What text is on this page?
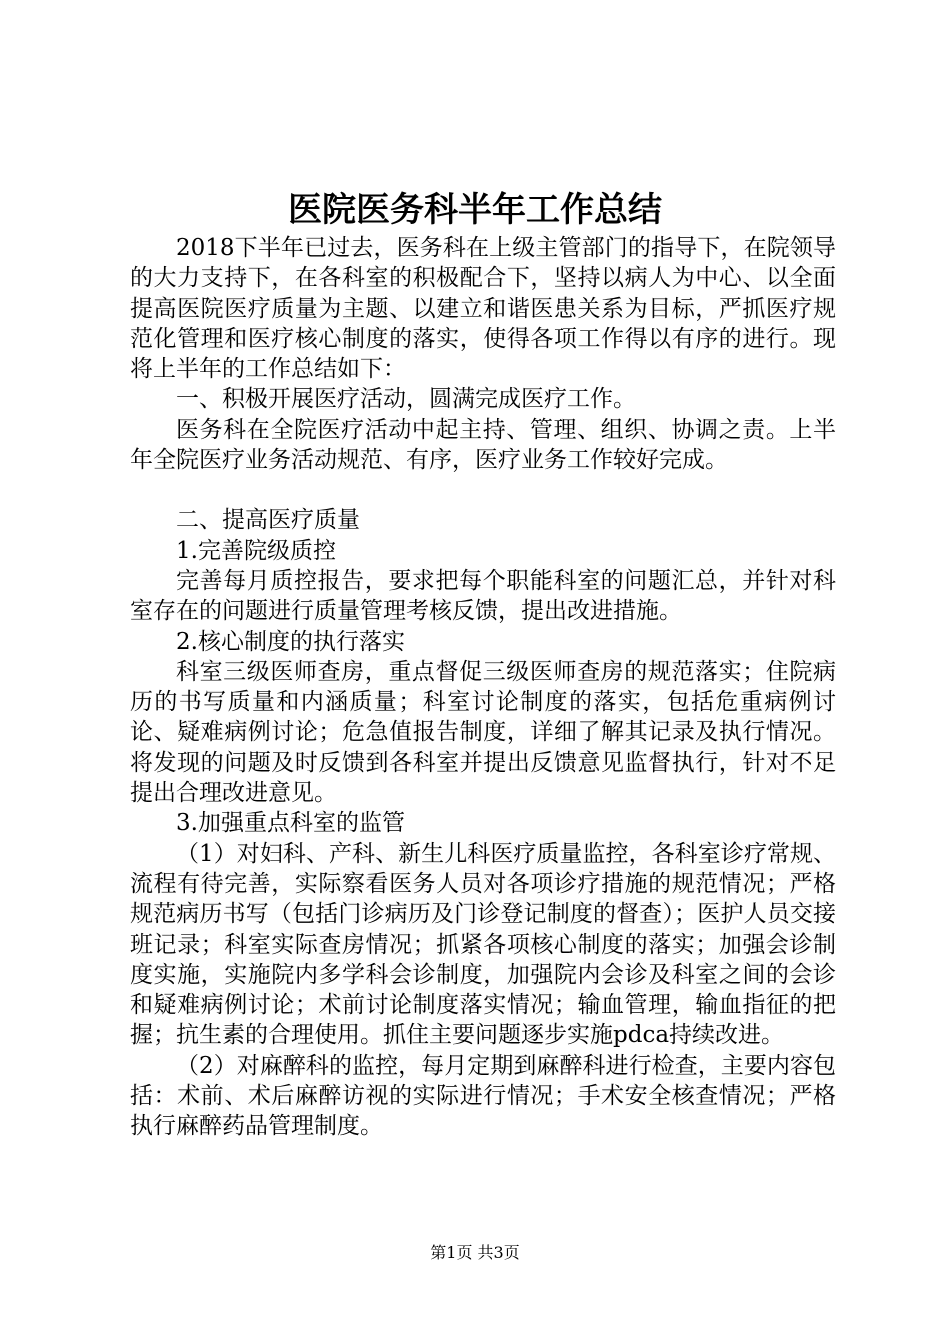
医院医务科半年工作总结

2018下半年已过去，医务科在上级主管部门的指导下，在院领导的大力支持下，在各科室的积极配合下，坚持以病人为中心、以全面提高医院医疗质量为主题、以建立和谐医患关系为目标，严抓医疗规范化管理和医疗核心制度的落实，使得各项工作得以有序的进行。现将上半年的工作总结如下：

一、积极开展医疗活动，圆满完成医疗工作。

医务科在全院医疗活动中起主持、管理、组织、协调之责。上半年全院医疗业务活动规范、有序，医疗业务工作较好完成。

二、提高医疗质量

1.完善院级质控

完善每月质控报告，要求把每个职能科室的问题汇总，并针对科室存在的问题进行质量管理考核反馈，提出改进措施。

2.核心制度的执行落实

科室三级医师查房，重点督促三级医师查房的规范落实；住院病历的书写质量和内涵质量；科室讨论制度的落实，包括危重病例讨论、疑难病例讨论；危急值报告制度，详细了解其记录及执行情况。将发现的问题及时反馈到各科室并提出反馈意见监督执行，针对不足提出合理改进意见。

3.加强重点科室的监管

（1）对妇科、产科、新生儿科医疗质量监控，各科室诊疗常规、流程有待完善，实际察看医务人员对各项诊疗措施的规范情况；严格规范病历书写（包括门诊病历及门诊登记制度的督查）；医护人员交接班记录；科室实际查房情况；抓紧各项核心制度的落实；加强会诊制度实施，实施院内多学科会诊制度，加强院内会诊及科室之间的会诊和疑难病例讨论；术前讨论制度落实情况；输血管理，输血指征的把握；抗生素的合理使用。抓住主要问题逐步实施pdca持续改进。

（2）对麻醉科的监控，每月定期到麻醉科进行检查，主要内容包括：术前、术后麻醉访视的实际进行情况；手术安全核查情况；严格执行麻醉药品管理制度。

第1页 共3页
